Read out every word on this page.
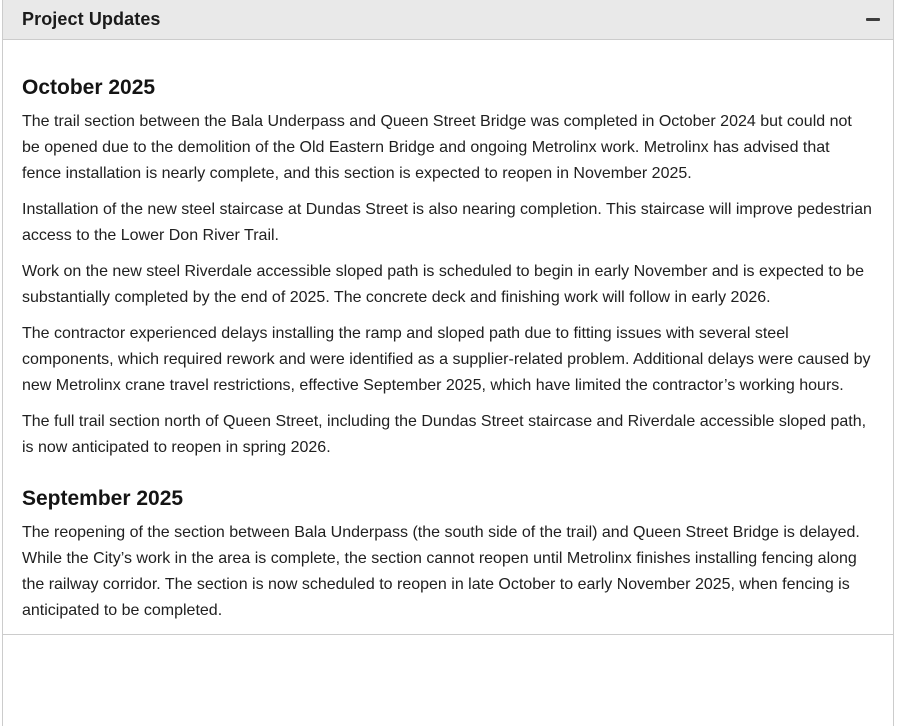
Project Updates
October 2025

The trail section between the Bala Underpass and Queen Street Bridge was completed in October 2024 but could not be opened due to the demolition of the Old Eastern Bridge and ongoing Metrolinx work. Metrolinx has advised that fence installation is nearly complete, and this section is expected to reopen in November 2025.

Installation of the new steel staircase at Dundas Street is also nearing completion. This staircase will improve pedestrian access to the Lower Don River Trail.

Work on the new steel Riverdale accessible sloped path is scheduled to begin in early November and is expected to be substantially completed by the end of 2025. The concrete deck and finishing work will follow in early 2026.

The contractor experienced delays installing the ramp and sloped path due to fitting issues with several steel components, which required rework and were identified as a supplier-related problem. Additional delays were caused by new Metrolinx crane travel restrictions, effective September 2025, which have limited the contractor’s working hours.

The full trail section north of Queen Street, including the Dundas Street staircase and Riverdale accessible sloped path, is now anticipated to reopen in spring 2026.

September 2025

The reopening of the section between Bala Underpass (the south side of the trail) and Queen Street Bridge is delayed. While the City’s work in the area is complete, the section cannot reopen until Metrolinx finishes installing fencing along the railway corridor. The section is now scheduled to reopen in late October to early November 2025, when fencing is anticipated to be completed.
